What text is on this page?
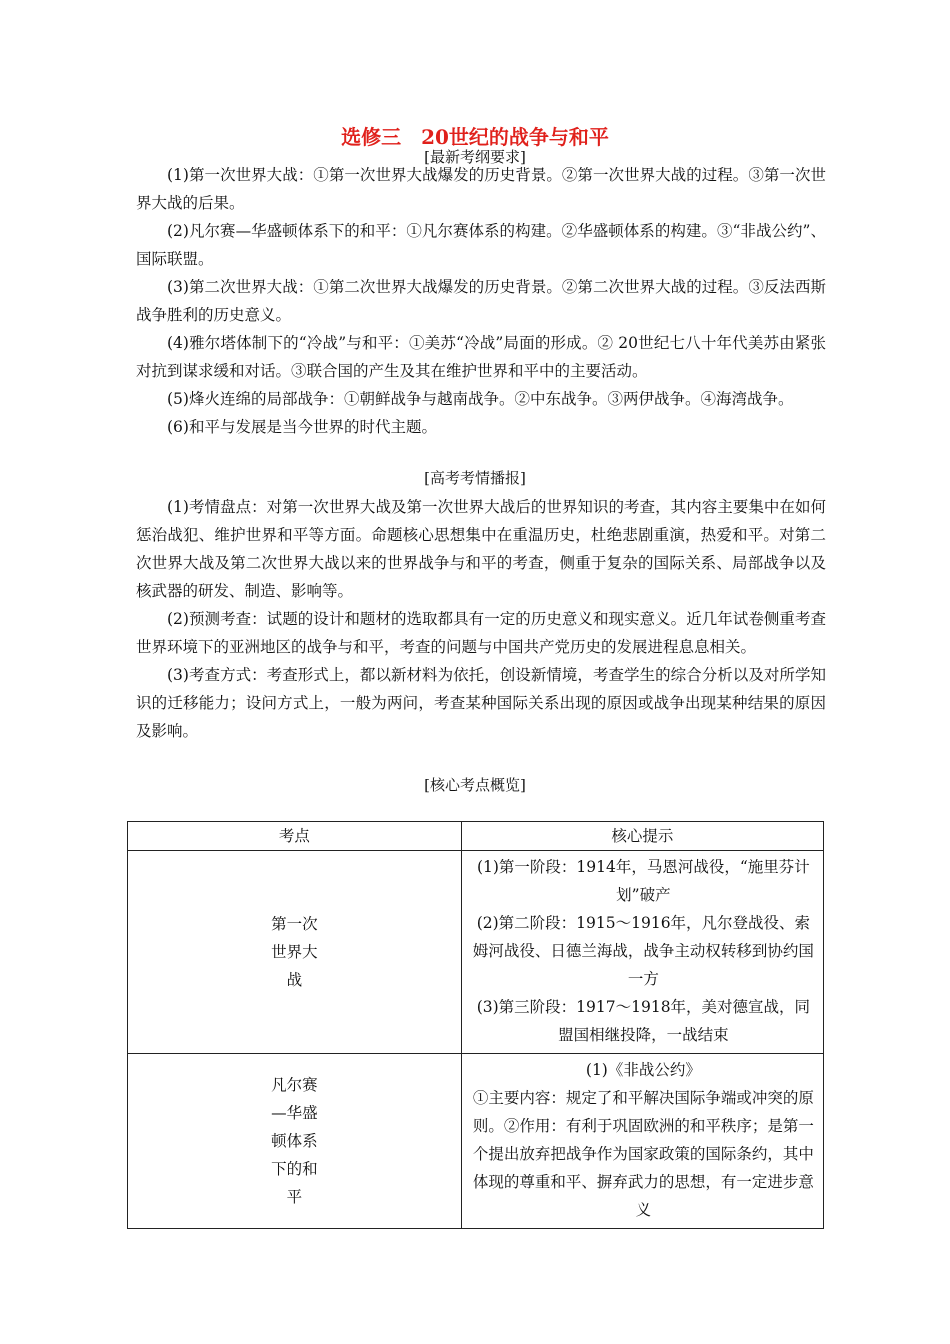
选修三　20世纪的战争与和平
[最新考纲要求]

(1)第一次世界大战：①第一次世界大战爆发的历史背景。②第一次世界大战的过程。③第一次世界大战的后果。

(2)凡尔赛—华盛顿体系下的和平：①凡尔赛体系的构建。②华盛顿体系的构建。③“非战公约”、国际联盟。

(3)第二次世界大战：①第二次世界大战爆发的历史背景。②第二次世界大战的过程。③反法西斯战争胜利的历史意义。

(4)雅尔塔体制下的“冷战”与和平：①美苏“冷战”局面的形成。② 20世纪七八十年代美苏由紧张对抗到谋求缓和对话。③联合国的产生及其在维护世界和平中的主要活动。

(5)烽火连绵的局部战争：①朝鲜战争与越南战争。②中东战争。③两伊战争。④海湾战争。

(6)和平与发展是当今世界的时代主题。

[高考考情播报]

(1)考情盘点：对第一次世界大战及第一次世界大战后的世界知识的考查，其内容主要集中在如何惩治战犯、维护世界和平等方面。命题核心思想集中在重温历史，杜绝悲剧重演，热爱和平。对第二次世界大战及第二次世界大战以来的世界战争与和平的考查，侧重于复杂的国际关系、局部战争以及核武器的研发、制造、影响等。

(2)预测考查：试题的设计和题材的选取都具有一定的历史意义和现实意义。近几年试卷侧重考查世界环境下的亚洲地区的战争与和平，考查的问题与中国共产党历史的发展进程息息相关。

(3)考查方式：考查形式上，都以新材料为依托，创设新情境，考查学生的综合分析以及对所学知识的迁移能力；设问方式上，一般为两问，考查某种国际关系出现的原因或战争出现某种结果的原因及影响。

[核心考点概览]
考点	核心提示
第一次世界大战	(1)第一阶段：1914年，马恩河战役，“施里芬计划”破产

(2)第二阶段：1915～1916年，凡尔登战役、索姆河战役、日德兰海战，战争主动权转移到协约国一方

(3)第三阶段：1917～1918年，美对德宣战，同盟国相继投降，一战结束

凡尔赛—华盛顿体系下的和平	(1)《非战公约》

①主要内容：规定了和平解决国际争端或冲突的原则。②作用：有利于巩固欧洲的和平秩序；是第一个提出放弃把战争作为国家政策的国际条约，其中体现的尊重和平、摒弃武力的思想，有一定进步意义
